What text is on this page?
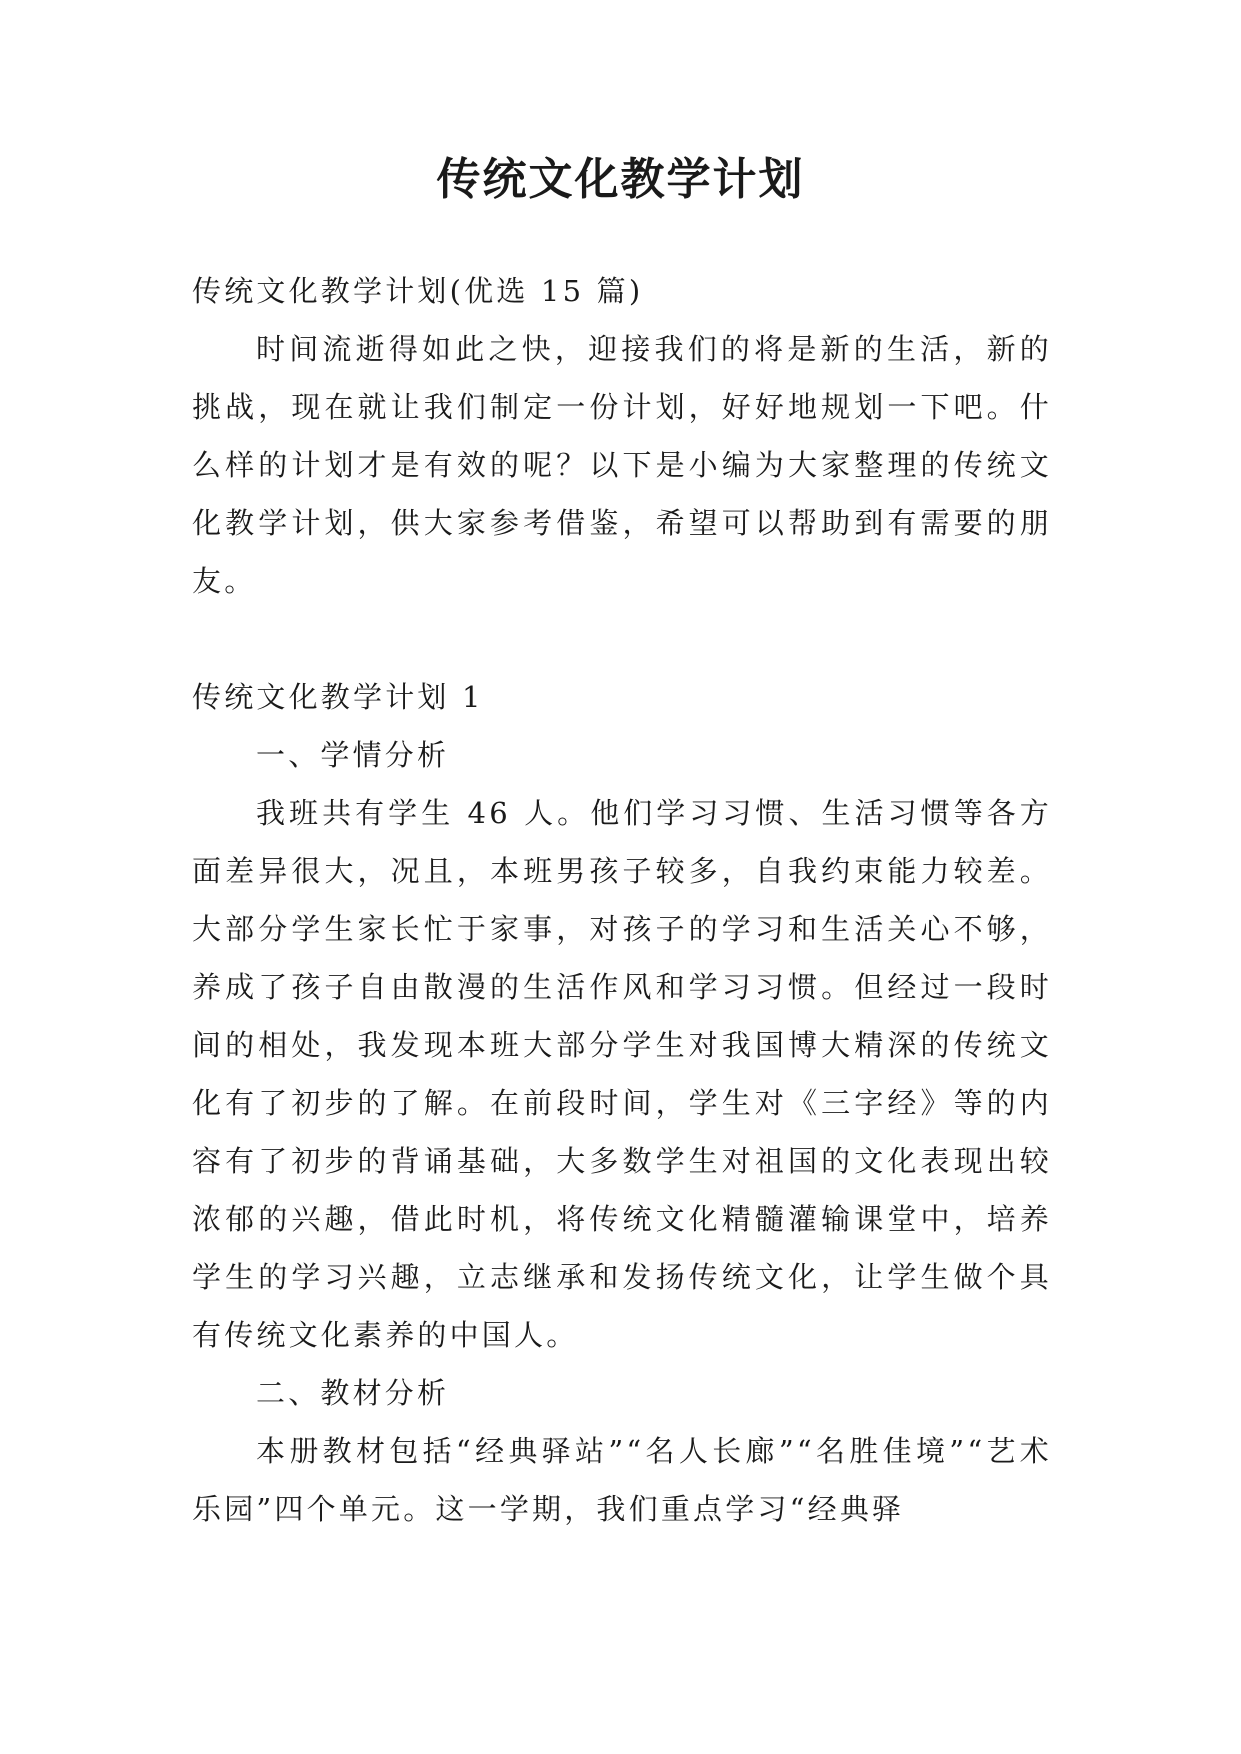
传统文化教学计划

传统文化教学计划(优选 15 篇)

时间流逝得如此之快，迎接我们的将是新的生活，新的挑战，现在就让我们制定一份计划，好好地规划一下吧。什么样的计划才是有效的呢？以下是小编为大家整理的传统文化教学计划，供大家参考借鉴，希望可以帮助到有需要的朋友。

传统文化教学计划 1

一、学情分析

我班共有学生 46 人。他们学习习惯、生活习惯等各方面差异很大，况且，本班男孩子较多，自我约束能力较差。大部分学生家长忙于家事，对孩子的学习和生活关心不够，养成了孩子自由散漫的生活作风和学习习惯。但经过一段时间的相处，我发现本班大部分学生对我国博大精深的传统文化有了初步的了解。在前段时间，学生对《三字经》等的内容有了初步的背诵基础，大多数学生对祖国的文化表现出较浓郁的兴趣，借此时机，将传统文化精髓灌输课堂中，培养学生的学习兴趣，立志继承和发扬传统文化，让学生做个具有传统文化素养的中国人。

二、教材分析

本册教材包括“经典驿站”“名人长廊”“名胜佳境”“艺术乐园”四个单元。这一学期，我们重点学习“经典驿
